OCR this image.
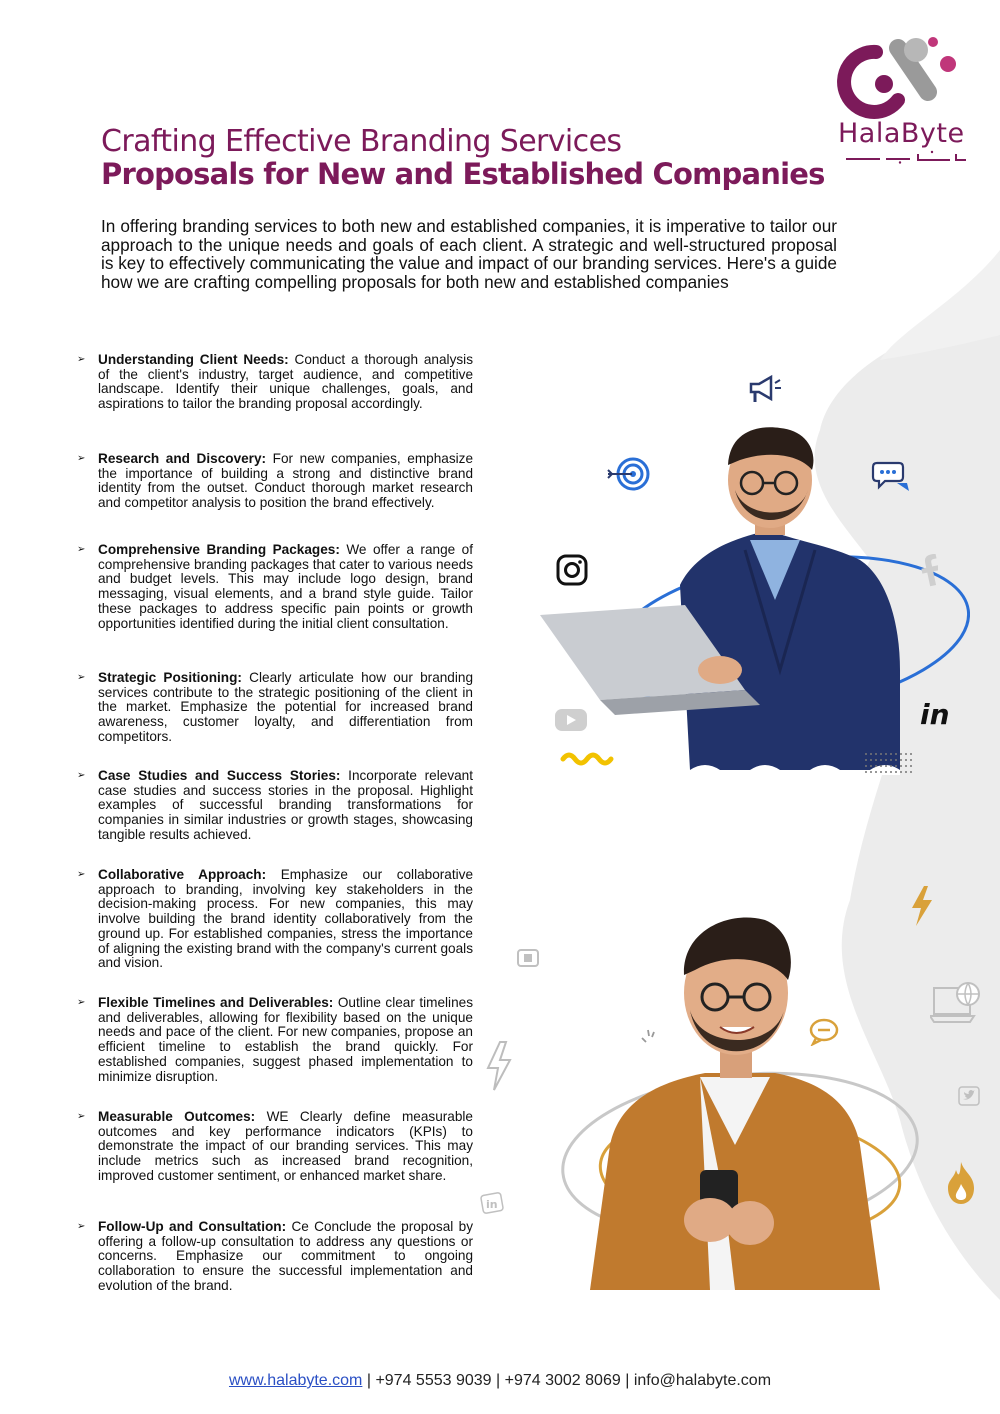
HalaByte
Crafting Effective Branding Services
Proposals for New and Established Companies
In offering branding services to both new and established companies, it is imperative to tailor our approach to the unique needs and goals of each client. A strategic and well-structured proposal is key to effectively communicating the value and impact of our branding services. Here's a guide how we are crafting compelling proposals for both new and established companies
➢ Understanding Client Needs: Conduct a thorough analysis of the client's industry, target audience, and competitive landscape. Identify their unique challenges, goals, and aspirations to tailor the branding proposal accordingly.
➢ Research and Discovery: For new companies, emphasize the importance of building a strong and distinctive brand identity from the outset. Conduct thorough market research and competitor analysis to position the brand effectively.
➢ Comprehensive Branding Packages: We offer a range of comprehensive branding packages that cater to various needs and budget levels. This may include logo design, brand messaging, visual elements, and a brand style guide. Tailor these packages to address specific pain points or growth opportunities identified during the initial client consultation.
➢ Strategic Positioning: Clearly articulate how our branding services contribute to the strategic positioning of the client in the market. Emphasize the potential for increased brand awareness, customer loyalty, and differentiation from competitors.
➢ Case Studies and Success Stories: Incorporate relevant case studies and success stories in the proposal. Highlight examples of successful branding transformations for companies in similar industries or growth stages, showcasing tangible results achieved.
➢ Collaborative Approach: Emphasize our collaborative approach to branding, involving key stakeholders in the decision-making process. For new companies, this may involve building the brand identity collaboratively from the ground up. For established companies, stress the importance of aligning the existing brand with the company's current goals and vision.
➢ Flexible Timelines and Deliverables: Outline clear timelines and deliverables, allowing for flexibility based on the unique needs and pace of the client. For new companies, propose an efficient timeline to establish the brand quickly. For established companies, suggest phased implementation to minimize disruption.
➢ Measurable Outcomes: WE Clearly define measurable outcomes and key performance indicators (KPIs) to demonstrate the impact of our branding services. This may include metrics such as increased brand recognition, improved customer sentiment, or enhanced market share.
➢ Follow-Up and Consultation: Ce Conclude the proposal by offering a follow-up consultation to address any questions or concerns. Emphasize our commitment to ongoing collaboration to ensure the successful implementation and evolution of the brand.
in
in
www.halabyte.com | +974 5553 9039 | +974 3002 8069 | info@halabyte.com
